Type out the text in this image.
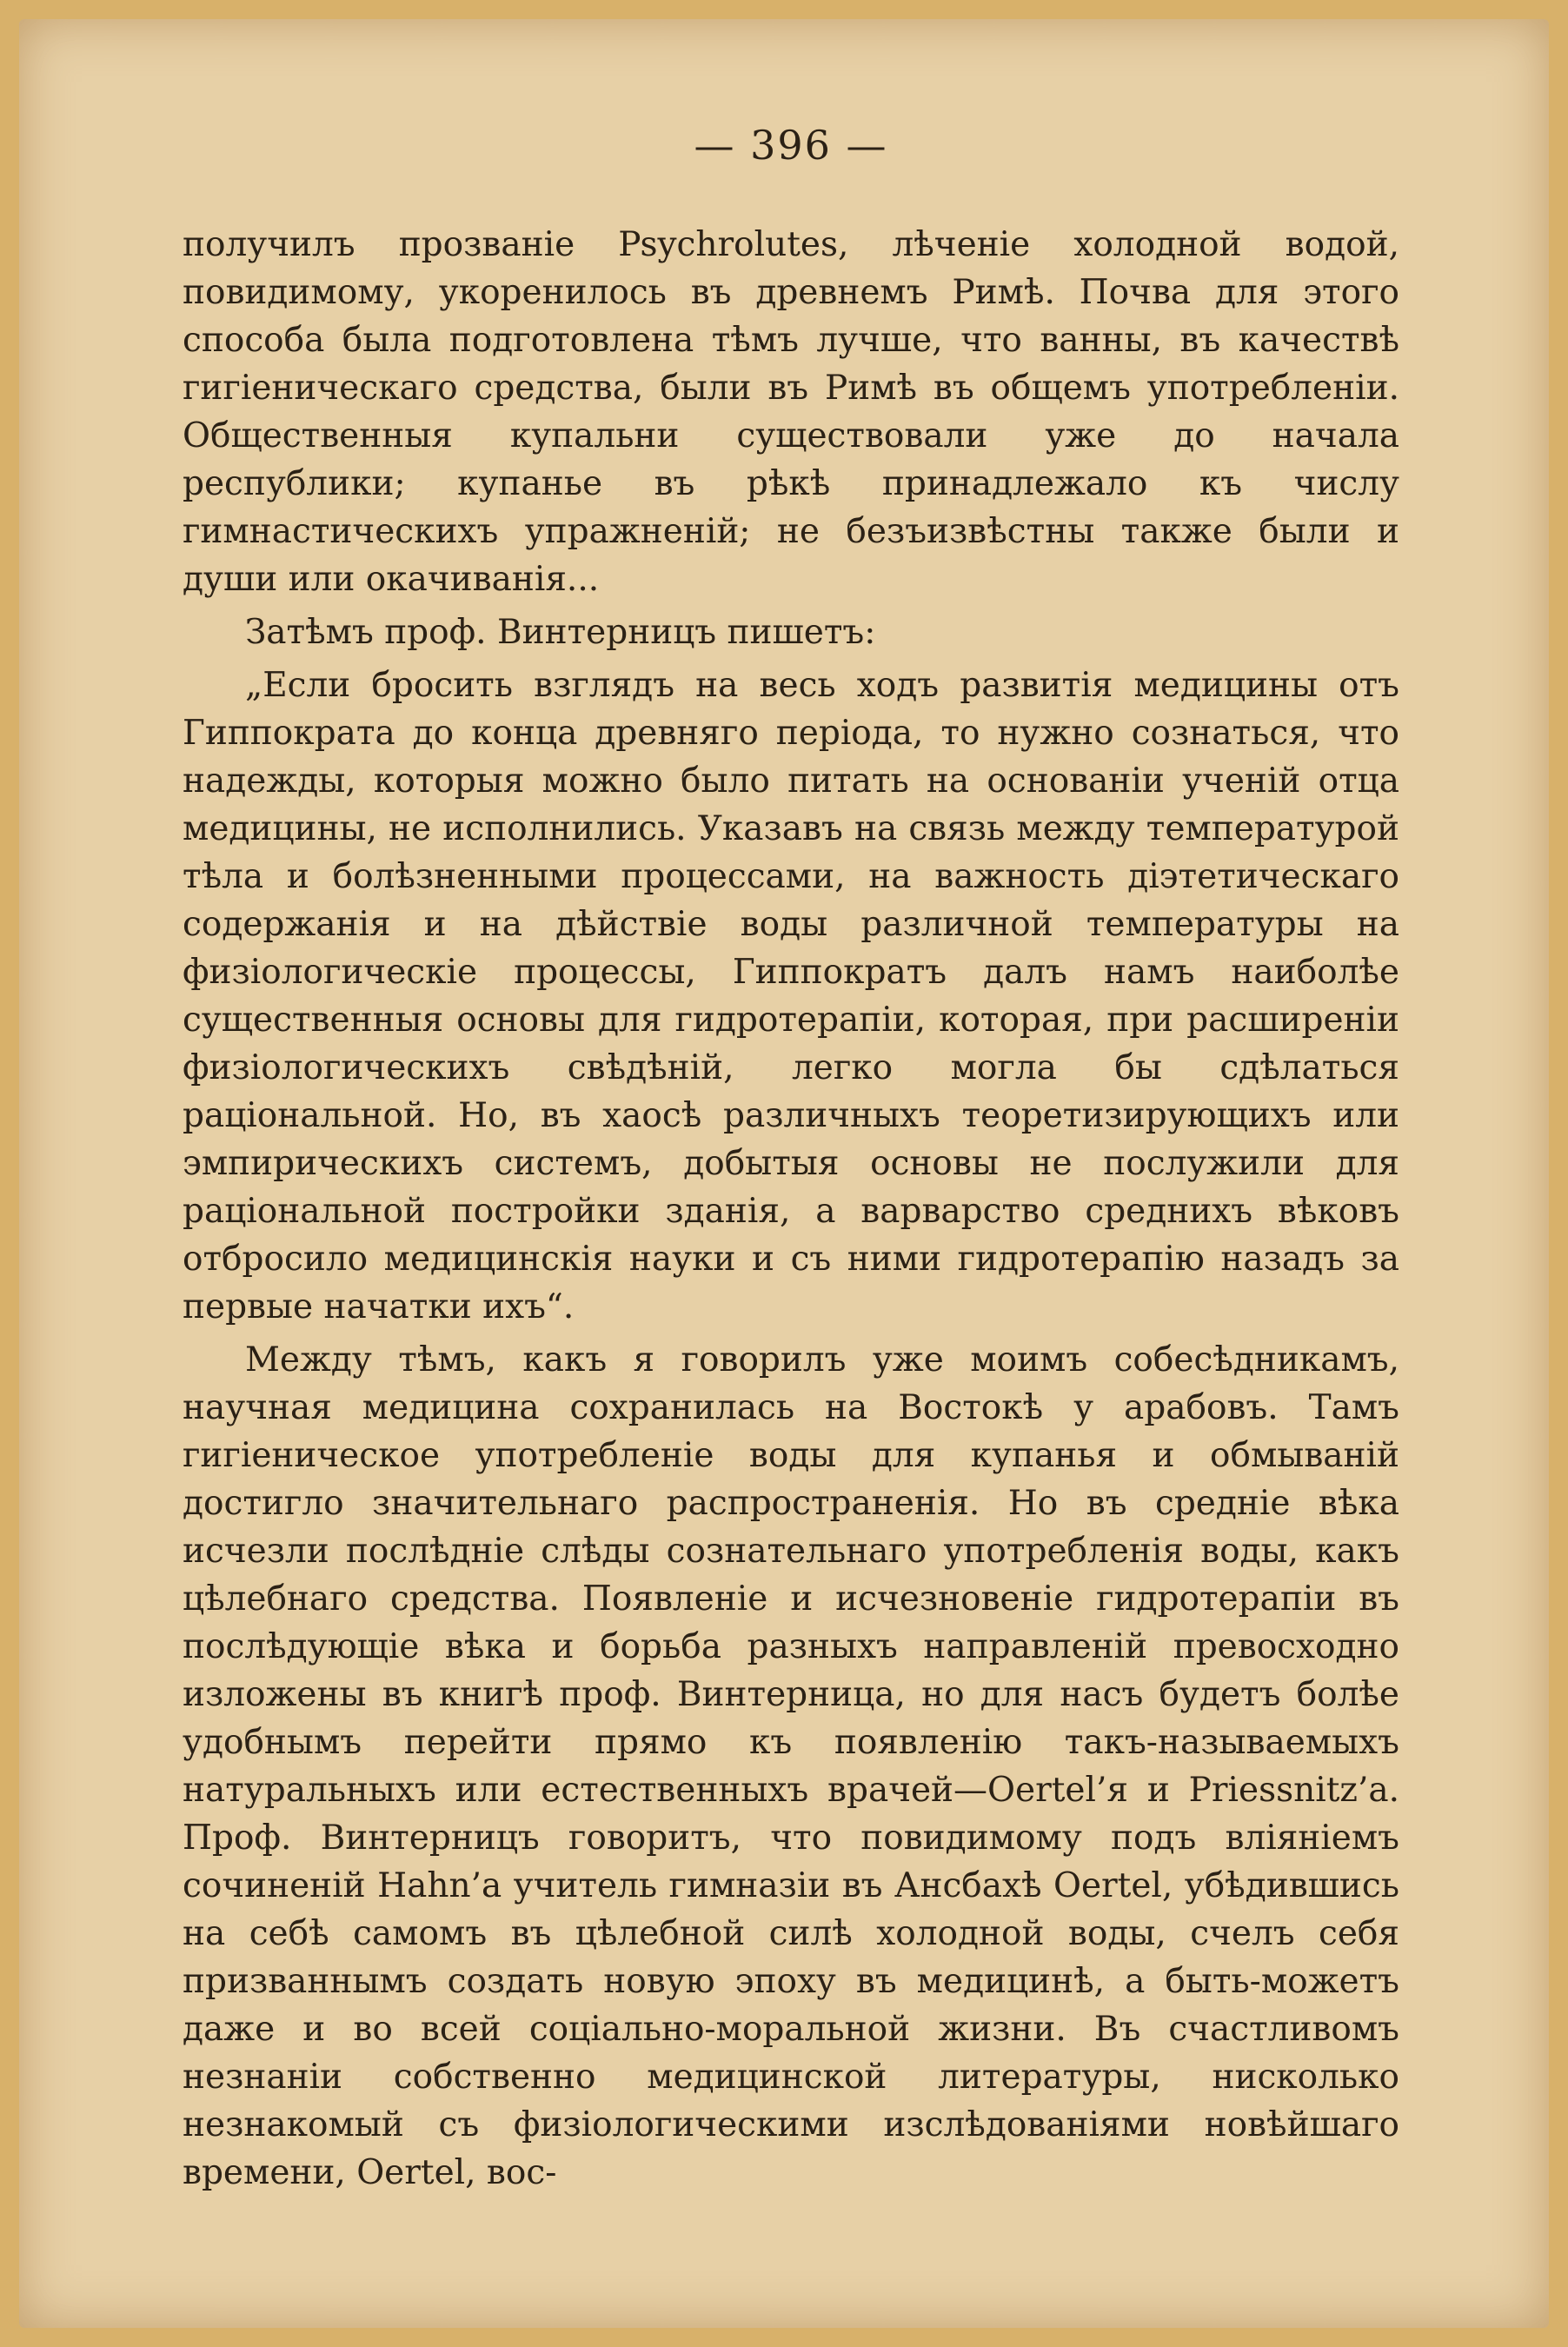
— 396 —

получилъ прозваніе Psychrolutes, лѣченіе холодной водой, повидимому, укоренилось въ древнемъ Римѣ. Почва для этого способа была подготовлена тѣмъ лучше, что ванны, въ качествѣ гигіеническаго средства, были въ Римѣ въ общемъ употребленіи. Общественныя купальни существовали уже до начала республики; купанье въ рѣкѣ принадлежало къ числу гимнастическихъ упражненій; не безъизвѣстны также были и души или окачиванія...

Затѣмъ проф. Винтерницъ пишетъ:

„Если бросить взглядъ на весь ходъ развитія медицины отъ Гиппократа до конца древняго періода, то нужно сознаться, что надежды, которыя можно было питать на основаніи ученій отца медицины, не исполнились. Указавъ на связь между температурой тѣла и болѣзненными процессами, на важность діэтетическаго содержанія и на дѣйствіе воды различной температуры на физіологическіе процессы, Гиппократъ далъ намъ наиболѣе существенныя основы для гидротерапіи, которая, при расширеніи физіологическихъ свѣдѣній, легко могла бы сдѣлаться раціональной. Но, въ хаосѣ различныхъ теоретизирующихъ или эмпирическихъ системъ, добытыя основы не послужили для раціональной постройки зданія, а варварство среднихъ вѣковъ отбросило медицинскія науки и съ ними гидротерапію назадъ за первые начатки ихъ“.

Между тѣмъ, какъ я говорилъ уже моимъ собесѣдникамъ, научная медицина сохранилась на Востокѣ у арабовъ. Тамъ гигіеническое употребленіе воды для купанья и обмываній достигло значительнаго распространенія. Но въ средніе вѣка исчезли послѣдніе слѣды сознательнаго употребленія воды, какъ цѣлебнаго средства. Появленіе и исчезновеніе гидротерапіи въ послѣдующіе вѣка и борьба разныхъ направленій превосходно изложены въ книгѣ проф. Винтерница, но для насъ будетъ болѣе удобнымъ перейти прямо къ появленію такъ-называемыхъ натуральныхъ или естественныхъ врачей—Oertel’я и Priessnitz’а. Проф. Винтерницъ говоритъ, что повидимому подъ вліяніемъ сочиненій Hahn’а учитель гимназіи въ Ансбахѣ Oertel, убѣдившись на себѣ самомъ въ цѣлебной силѣ холодной воды, счелъ себя призваннымъ создать новую эпоху въ медицинѣ, а быть-можетъ даже и во всей соціально-моральной жизни. Въ счастливомъ незнаніи собственно медицинской литературы, нисколько незнакомый съ физіологическими изслѣдованіями новѣйшаго времени, Oertel, вос-
